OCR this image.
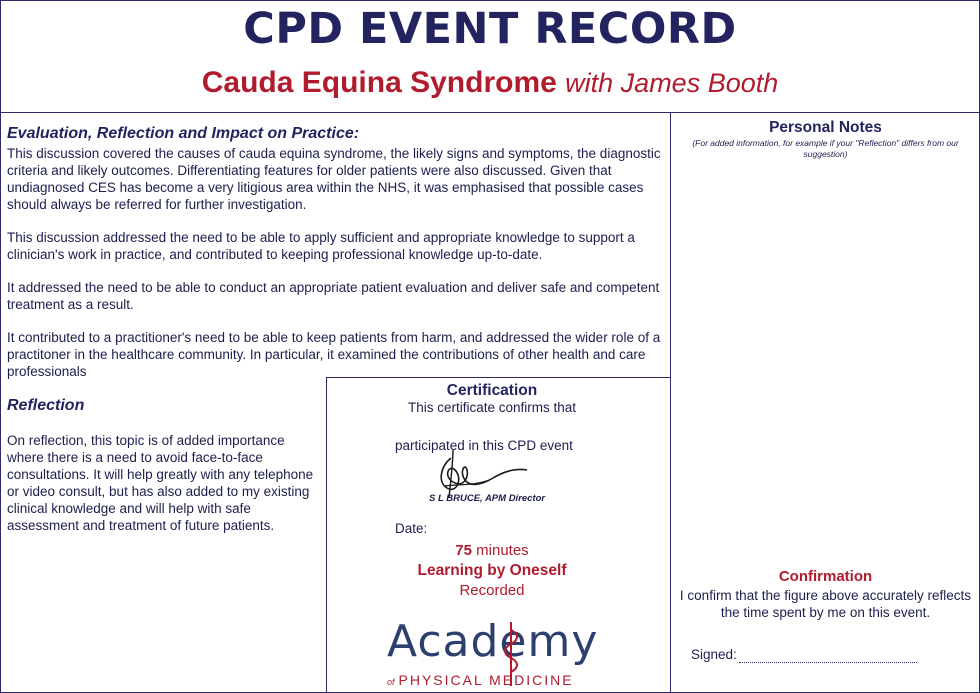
CPD EVENT RECORD
Cauda Equina Syndrome with James Booth
Evaluation, Reflection and Impact on Practice:
This discussion covered the causes of cauda equina syndrome, the likely signs and symptoms, the diagnostic criteria and likely outcomes. Differentiating features for older patients were also discussed. Given that undiagnosed CES has become a very litigious area within the NHS, it was emphasised that possible cases should always be referred for further investigation.
This discussion addressed the need to be able to apply sufficient and appropriate knowledge to support a clinician's work in practice, and contributed to keeping professional knowledge up-to-date.
It addressed the need to be able to conduct an appropriate patient evaluation and deliver safe and competent treatment as a result.
It contributed to a practitioner's need to be able to keep patients from harm, and addressed the wider role of a practitoner in the healthcare community. In particular, it examined the contributions of other health and care professionals
Reflection
On reflection, this topic is of added importance where there is a need to avoid face-to-face consultations. It will help greatly with any telephone or video consult, but has also added to my existing clinical knowledge and will help with safe assessment and treatment of future patients.
Certification
This certificate confirms that
participated in this CPD event
S L BRUCE, APM Director
Date:
75 minutes
Learning by Oneself
Recorded
Academy
of PHYSICAL MEDICINE
Personal Notes
(For added information, for example if your "Reflection" differs from our suggestion)
Confirmation
I confirm that the figure above accurately reflects the time spent by me on this event.
Signed:
